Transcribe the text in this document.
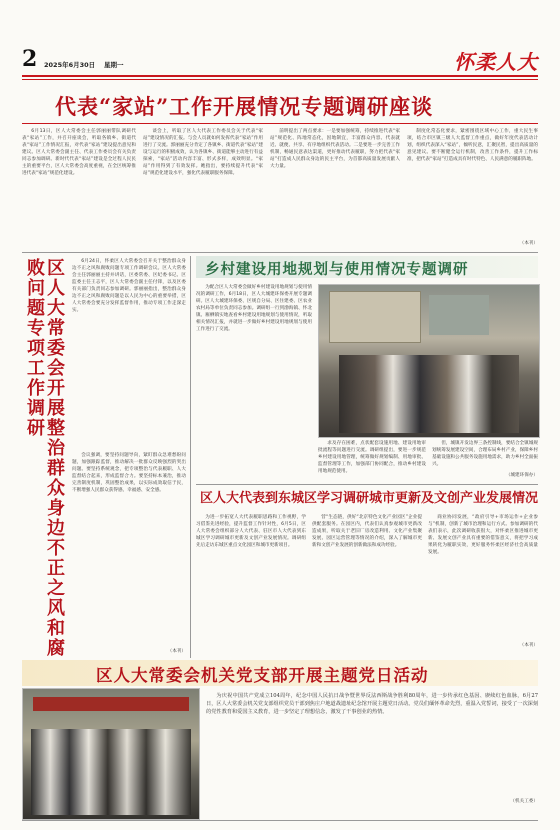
2 2025年6月30日 星期一	怀柔人大
代表“家站”工作开展情况专题调研座谈

6月13日，区人大常委会主任郭丽丽带队调研代表“家站”工作，并召开座谈会，听取各镇乡、街道代表“家站”工作情况汇报，对代表“家站”建设提出意见和建议。区人大常委会副主任、代表工作委员会有关负责同志参加调研。新时代代表“家站”建设是全过程人民民主的重要平台，区人大常委会高度重视，在全区统筹推进代表“家站”规范化建设。

谈会上，听取了区人大代表工作委员会关于代表“家站”建设情况的汇报。与会人员就如何发挥代表“家站”作用进行了交流。郭丽丽充分肯定了各镇乡、街道代表“家站”建设与运行的积极成效，认为各镇乡、街道能够主动进行有益探索，“家站”活动内容丰富、形式多样，成效明显。“家站”作用得到了有效发挥。她指出，要持续提升代表“家站”规范化建设水平，强化代表履职服务保障。

前明提出了两点要求：一是要加强统筹，持续推进代表“家站”规范化、阵地常态化，因地制宜，丰富群众内容、代表就近、就便、共享、有序地组织代表活动。二是要进一步完善工作机制，畅通民意表达渠道，更好推动代表履职，努力把代表“家站”打造成人民群众身边的民主平台，为首都高质量发展贡献人大力量。

制度化常态化要求，紧密围绕区域中心工作，重大民生事项，结合市区镇三级人大监督工作重点，做好年度代表活动计划，组织代表深入“家站”，倾听民意，汇聚民智，提出高质量的意见建议。要不断健全运行机制，改善工作条件，提升工作标准，把代表“家站”打造成具有时代特色、人民满意的履职阵地。

（本刊）
区人大常委会开展整治群众身边不正之风和腐败问题专项工作调研	6月24日，怀柔区人大常委会召开关于整治群众身边不正之风和腐败问题专项工作调研会议。区人大常委会主任郭丽丽主持并讲话，区委常委、区纪委书记、区监委主任王志平，区人大常委会副主任付锋，以及区委有关部门负责同志参加调研。郭丽丽指出，整治群众身边不正之风和腐败问题是以人民为中心的重要举措，区人大常委会要充分发挥监督作用，推动专项工作走深走实。

会议强调，要坚持问题导向，紧盯群众急难愁盼问题，加强跟踪监督，推动解决一批群众反映强烈的突出问题。要坚持系统观念，把专项整治与代表履职、人大监督结合起来，形成监督合力。要坚持标本兼治，推动完善制度机制，巩固整治成果，以实际成效取信于民，不断增强人民群众获得感、幸福感、安全感。

（本刊）
乡村建设用地规划与使用情况专题调研

为配合区人大常委会做好乡村建设用地规划与使用情况的调研工作，6月18日，区人大城建环保委开展专题调研。区人大城建环保委、区规自分局、区住建委、区农业农村局等单位负责同志参加。调研组一行到渤海镇、怀北镇、雁栖镇实地查看乡村建设用地规划与使用情况，听取相关情况汇报，并就进一步做好乡村建设用地规划与使用工作进行了交流。

求及存在困难，点状配套设施用地、建设用地审批流程等问题进行交流。调研组提出，要进一步规范乡村建设用地管理，统筹做好规划编制、用地审批、监督管理等工作，加强部门协同配合，推动乡村建设用地规范使用。

但，城镇开发边界三条控制线，要结合全镇城规划统筹发展建设空间，合理布局乡村产业，保障乡村基础设施和公共服务设施用地需求，助力乡村全面振兴。

（城建环保办）
区人大代表到东城区学习调研城市更新及文创产业发展情况

为进一步拓宽人大代表履职思路和工作视野，学习借鉴先进经验，提升监督工作针对性，6月5日，区人大常委会组织部分人大代表、驻区市人大代表到东城区学习调研城市更新及文创产业发展情况。调研组先后走访东城区重点文化园区和城市更新项目。

营“生态链，供好“北京特色文化产业园区”企业提供配套服务。在园区内，代表们认真参观城市更新改造成果，听取关于老旧厂房改造利用、文化产业集聚发展、园区运营管理等情况的介绍，深入了解城市更新和文创产业发展的创新做法和成功经验。

商业协同发展，“政府引导+市场运作+企业参与”机制，创新了城市治理和运行方式。参加调研的代表们表示，此次调研收获很大，对怀柔区推进城市更新、发展文创产业具有重要的借鉴意义，将把学习成果转化为履职实效，更好服务怀柔区经济社会高质量发展。

（本刊）
区人大常委会机关党支部开展主题党日活动

为庆祝中国共产党成立104周年，纪念中国人民抗日战争暨世界反法西斯战争胜利80周年，进一步传承红色基因、赓续红色血脉，6月27日，区人大常委会机关党支部组织党员干部到焦庄户地道战遗址纪念馆开展主题党日活动。党员们缅怀革命先烈，重温入党誓词，接受了一次深刻的党性教育和爱国主义教育，进一步坚定了理想信念，激发了干事创业的热情。

（机关工委）
